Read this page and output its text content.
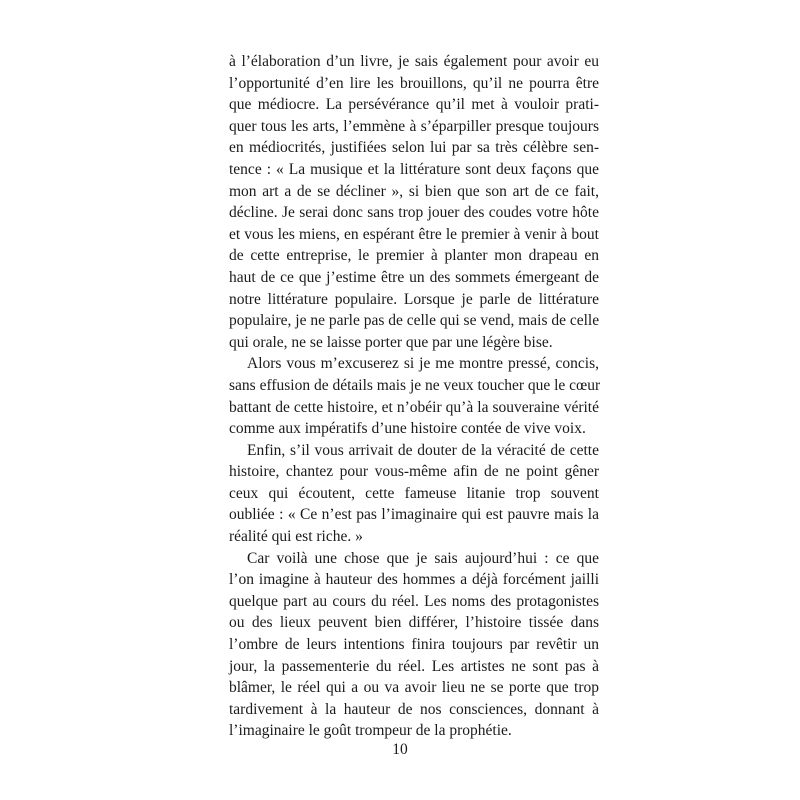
à l’élaboration d’un livre, je sais également pour avoir eu
l’opportunité d’en lire les brouillons, qu’il ne pourra être
que médiocre. La persévérance qu’il met à vouloir prati-
quer tous les arts, l’emmène à s’éparpiller presque toujours
en médiocrités, justifiées selon lui par sa très célèbre sen-
tence : « La musique et la littérature sont deux façons que
mon art a de se décliner », si bien que son art de ce fait,
décline. Je serai donc sans trop jouer des coudes votre hôte
et vous les miens, en espérant être le premier à venir à bout
de cette entreprise, le premier à planter mon drapeau en
haut de ce que j’estime être un des sommets émergeant de
notre littérature populaire. Lorsque je parle de littérature
populaire, je ne parle pas de celle qui se vend, mais de celle
qui orale, ne se laisse porter que par une légère bise.
Alors vous m’excuserez si je me montre pressé, concis,
sans effusion de détails mais je ne veux toucher que le cœur
battant de cette histoire, et n’obéir qu’à la souveraine vérité
comme aux impératifs d’une histoire contée de vive voix.
Enfin, s’il vous arrivait de douter de la véracité de cette
histoire, chantez pour vous-même afin de ne point gêner
ceux qui écoutent, cette fameuse litanie trop souvent
oubliée : « Ce n’est pas l’imaginaire qui est pauvre mais la
réalité qui est riche. »
Car voilà une chose que je sais aujourd’hui : ce que
l’on imagine à hauteur des hommes a déjà forcément jailli
quelque part au cours du réel. Les noms des protagonistes
ou des lieux peuvent bien différer, l’histoire tissée dans
l’ombre de leurs intentions finira toujours par revêtir un
jour, la passementerie du réel. Les artistes ne sont pas à
blâmer, le réel qui a ou va avoir lieu ne se porte que trop
tardivement à la hauteur de nos consciences, donnant à
l’imaginaire le goût trompeur de la prophétie.
10
